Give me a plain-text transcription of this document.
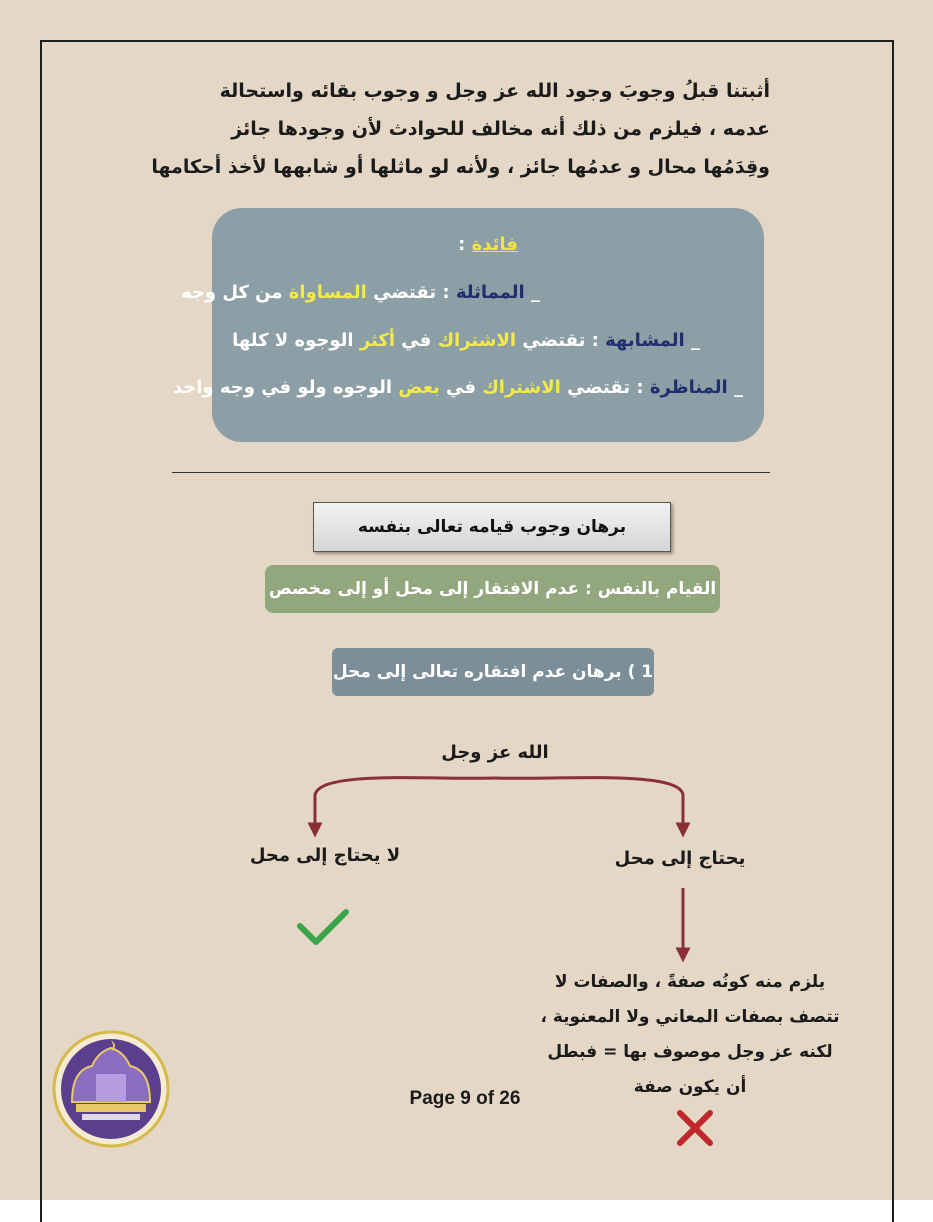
أثبتنا قبلُ وجوبَ وجود الله عز وجل و وجوب بقائه واستحالة
عدمه ، فيلزم من ذلك أنه مخالف للحوادث لأن وجودها جائز
وقِدَمُها محال و عدمُها جائز ، ولأنه لو ماثلها أو شابهها لأخذ أحكامها
فائدة :
_ المماثلة : تقتضي المساواة من كل وجه
_ المشابهة : تقتضي الاشتراك في أكثر الوجوه لا كلها
_ المناظرة : تقتضي الاشتراك في بعض الوجوه ولو في وجه واحد
برهان وجوب قيامه تعالى بنفسه
القيام بالنفس : عدم الافتقار إلى محل أو إلى مخصص
1 ) برهان عدم افتقاره تعالى إلى محل
الله عز وجل
لا يحتاج إلى محل	يحتاج إلى محل
يلزم منه كونُه صفةً ، والصفات لا
تتصف بصفات المعاني ولا المعنوية ،
لكنه عز وجل موصوف بها = فبطل
أن يكون صفة
Page 9 of 26
